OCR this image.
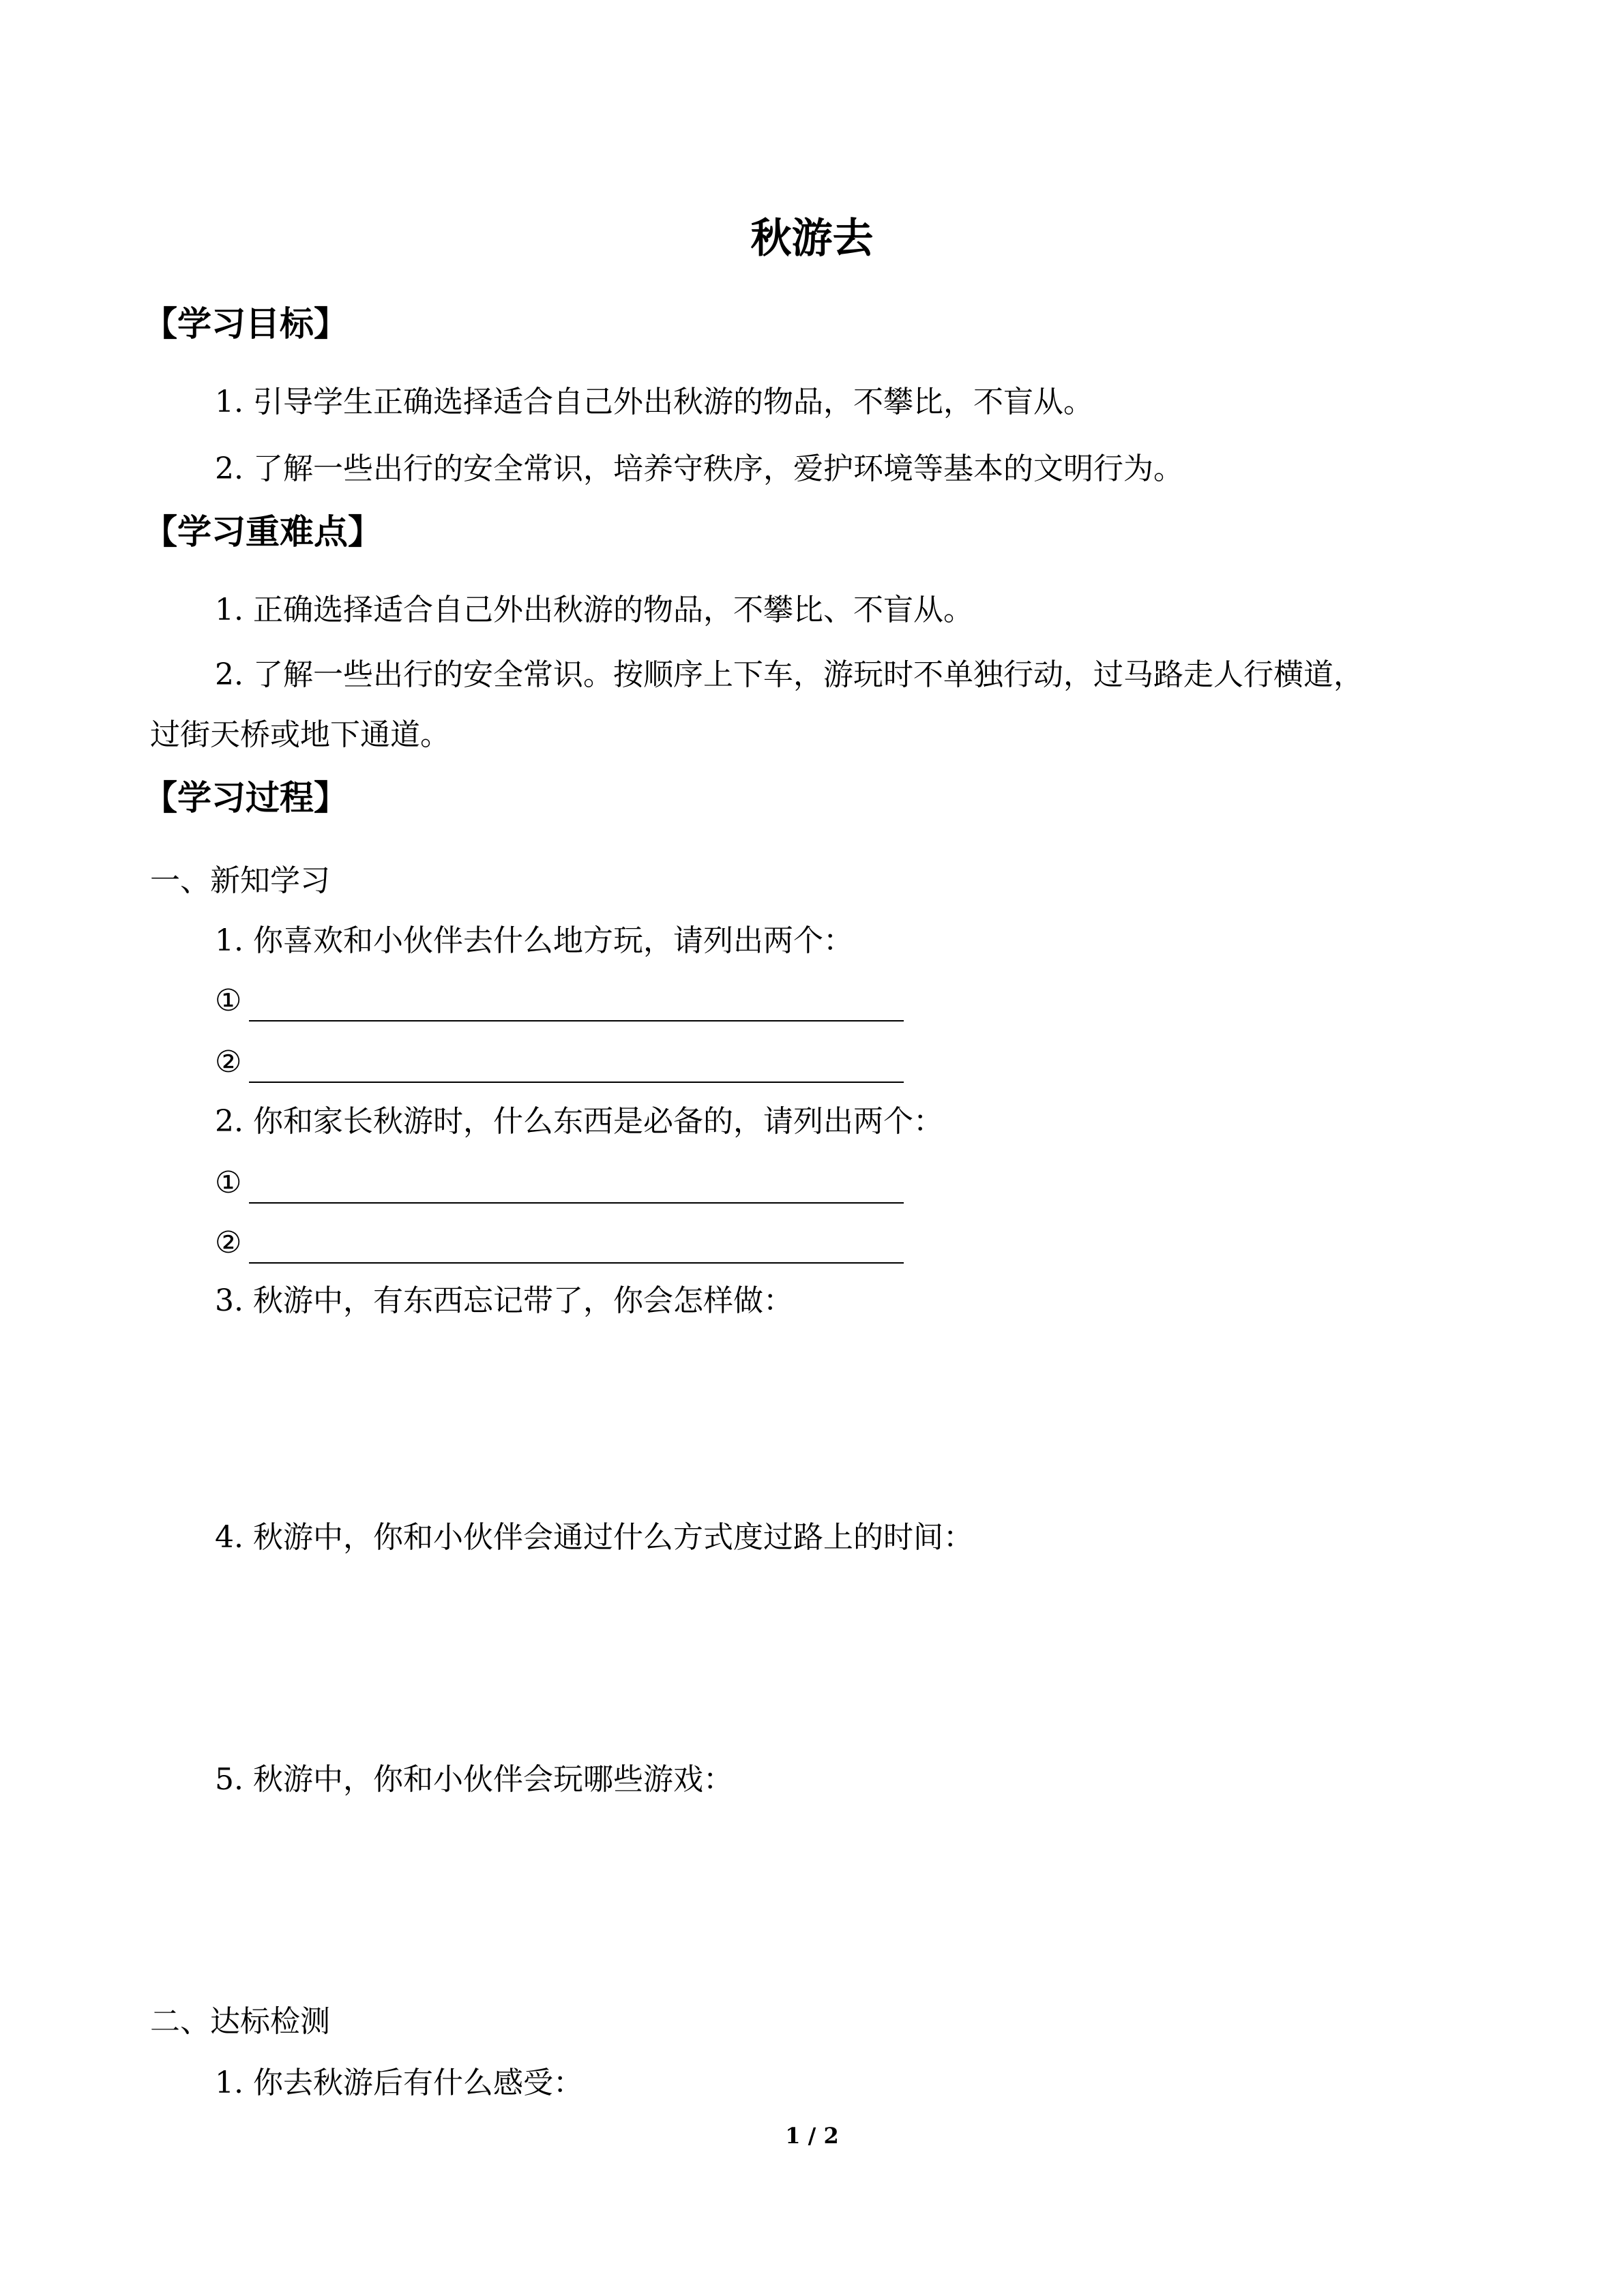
秋游去
【学习目标】
1. 引导学生正确选择适合自己外出秋游的物品，不攀比，不盲从。
2. 了解一些出行的安全常识，培养守秩序，爱护环境等基本的文明行为。
【学习重难点】
1. 正确选择适合自己外出秋游的物品，不攀比、不盲从。
2. 了解一些出行的安全常识。按顺序上下车，游玩时不单独行动，过马路走人行横道，
过街天桥或地下通道。
【学习过程】
一、新知学习
1. 你喜欢和小伙伴去什么地方玩，请列出两个：
①
②
2. 你和家长秋游时，什么东西是必备的，请列出两个：
①
②
3. 秋游中，有东西忘记带了，你会怎样做：
4. 秋游中，你和小伙伴会通过什么方式度过路上的时间：
5. 秋游中，你和小伙伴会玩哪些游戏：
二、达标检测
1. 你去秋游后有什么感受：
1 / 2
